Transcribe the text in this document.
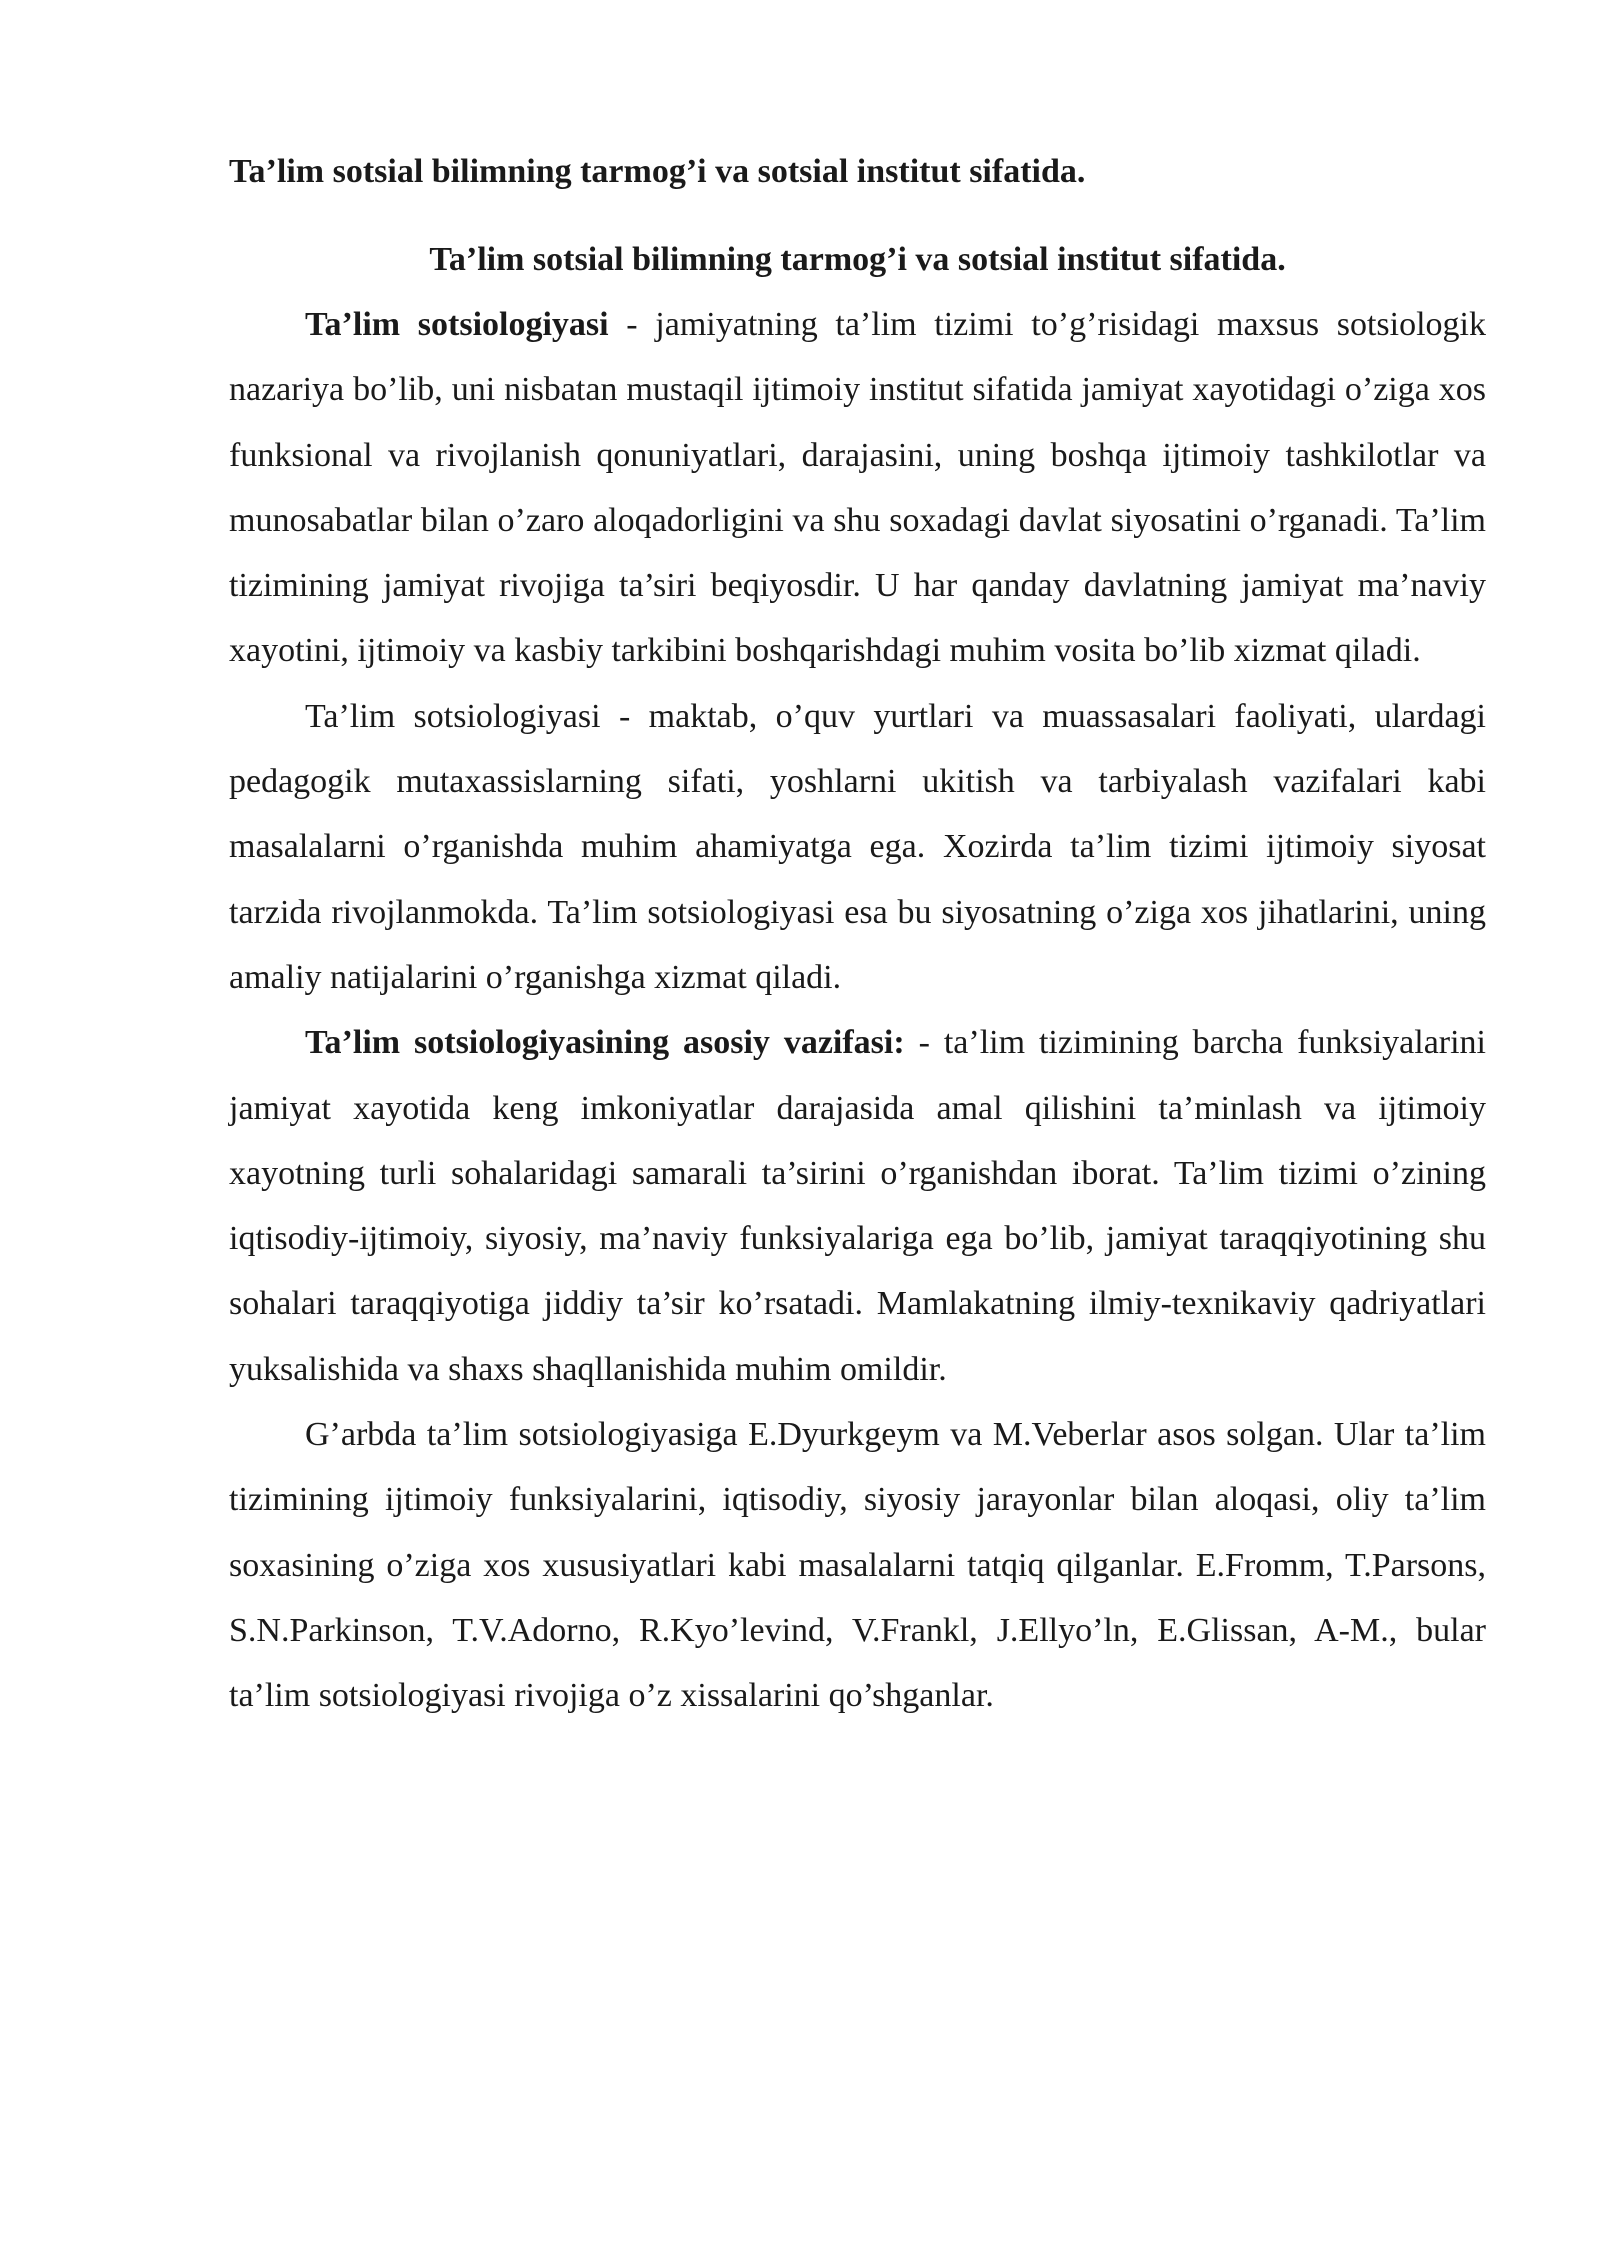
Ta’lim sotsial bilimning tarmog’i va sotsial institut sifatida.

Ta’lim sotsial bilimning tarmog’i va sotsial institut sifatida.

Ta’lim sotsiologiyasi - jamiyatning ta’lim tizimi to’g’risidagi maxsus sotsiologik nazariya bo’lib, uni nisbatan mustaqil ijtimoiy institut sifatida jamiyat xayotidagi o’ziga xos funksional va rivojlanish qonuniyatlari, darajasini, uning boshqa ijtimoiy tashkilotlar va munosabatlar bilan o’zaro aloqadorligini va shu soxadagi davlat siyosatini o’rganadi. Ta’lim tizimining jamiyat rivojiga ta’siri beqiyosdir. U har qanday davlatning jamiyat ma’naviy xayotini, ijtimoiy va kasbiy tarkibini boshqarishdagi muhim vosita bo’lib xizmat qiladi.

Ta’lim sotsiologiyasi - maktab, o’quv yurtlari va muassasalari faoliyati, ulardagi pedagogik mutaxassislarning sifati, yoshlarni ukitish va tarbiyalash vazifalari kabi masalalarni o’rganishda muhim ahamiyatga ega. Xozirda ta’lim tizimi ijtimoiy siyosat tarzida rivojlanmokda. Ta’lim sotsiologiyasi esa bu siyosatning o’ziga xos jihatlarini, uning amaliy natijalarini o’rganishga xizmat qiladi.

Ta’lim sotsiologiyasining asosiy vazifasi: - ta’lim tizimining barcha funksiyalarini jamiyat xayotida keng imkoniyatlar darajasida amal qilishini ta’minlash va ijtimoiy xayotning turli sohalaridagi samarali ta’sirini o’rganishdan iborat. Ta’lim tizimi o’zining iqtisodiy-ijtimoiy, siyosiy, ma’naviy funksiyalariga ega bo’lib, jamiyat taraqqiyotining shu sohalari taraqqiyotiga jiddiy ta’sir ko’rsatadi. Mamlakatning ilmiy-texnikaviy qadriyatlari yuksalishida va shaxs shaqllanishida muhim omildir.

G’arbda ta’lim sotsiologiyasiga E.Dyurkgeym va M.Veberlar asos solgan. Ular ta’lim tizimining ijtimoiy funksiyalarini, iqtisodiy, siyosiy jarayonlar bilan aloqasi, oliy ta’lim soxasining o’ziga xos xususiyatlari kabi masalalarni tatqiq qilganlar. E.Fromm, T.Parsons, S.N.Parkinson, T.V.Adorno, R.Kyo’levind, V.Frankl, J.Ellyo’ln, E.Glissan, A-M., bular ta’lim sotsiologiyasi rivojiga o’z xissalarini qo’shganlar.
